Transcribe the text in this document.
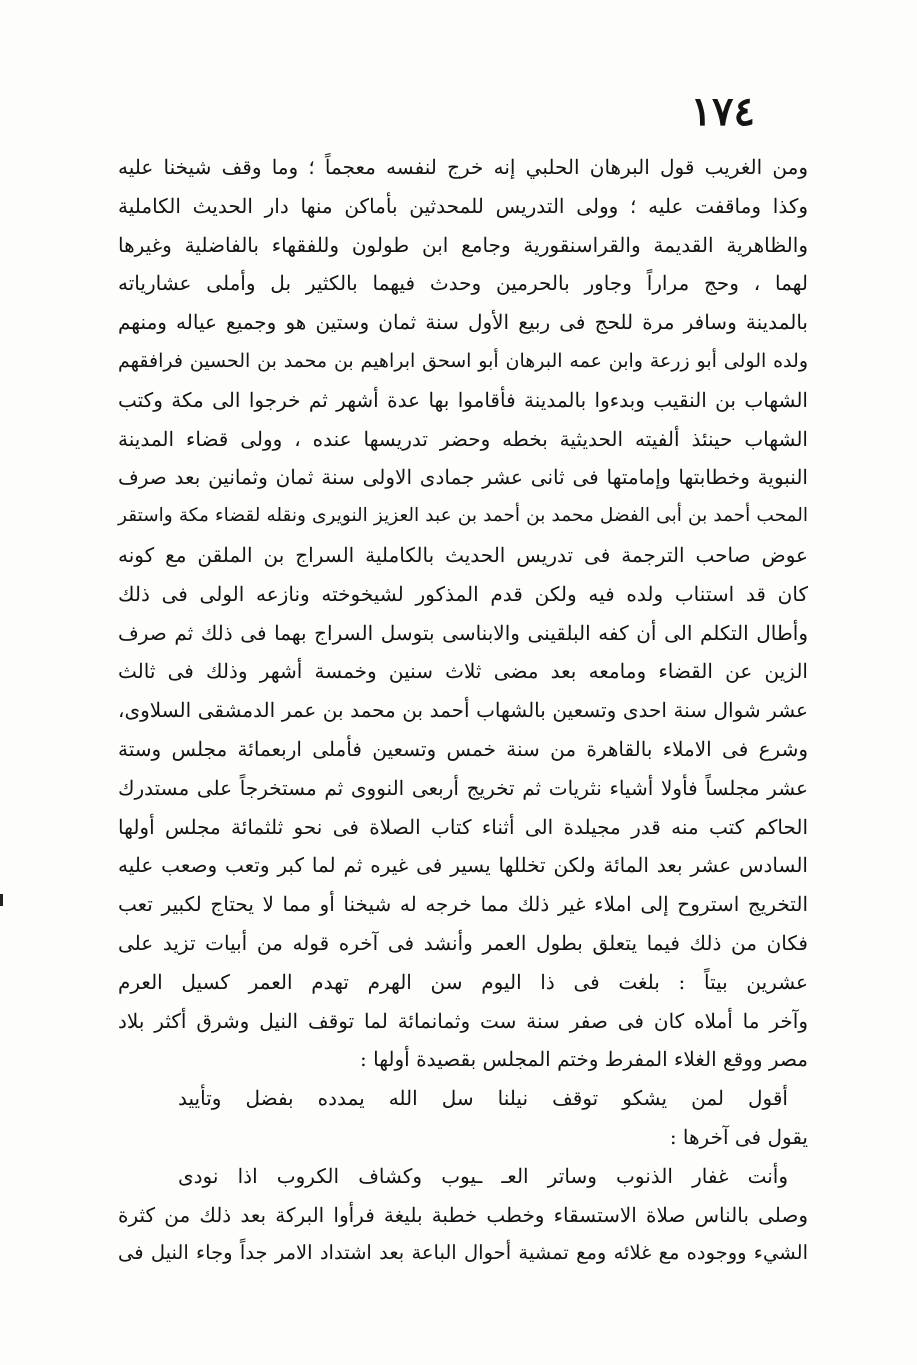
١٧٤
ومن الغريب قول البرهان الحلبي إنه خرج لنفسه معجماً ؛ وما وقف شيخنا عليه
وكذا وماقفت عليه ؛ وولى التدريس للمحدثين بأماكن منها دار الحديث الكاملية
والظاهرية القديمة والقراسنقورية وجامع ابن طولون وللفقهاء بالفاضلية وغيرها
لهما ، وحج مراراً وجاور بالحرمين وحدث فيهما بالكثير بل وأملى عشارياته
بالمدينة وسافر مرة للحج فى ربيع الأول سنة ثمان وستين هو وجميع عياله ومنهم
ولده الولى أبو زرعة وابن عمه البرهان أبو اسحق ابراهيم بن محمد بن الحسين فرافقهم
الشهاب بن النقيب وبدءوا بالمدينة فأقاموا بها عدة أشهر ثم خرجوا الى مكة وكتب
الشهاب حينئذ ألفيته الحديثية بخطه وحضر تدريسها عنده ، وولى قضاء المدينة
النبوية وخطابتها وإمامتها فى ثانى عشر جمادى الاولى سنة ثمان وثمانين بعد صرف
المحب أحمد بن أبى الفضل محمد بن أحمد بن عبد العزيز النويرى ونقله لقضاء مكة واستقر
عوض صاحب الترجمة فى تدريس الحديث بالكاملية السراج بن الملقن مع كونه
كان قد استناب ولده فيه ولكن قدم المذكور لشيخوخته ونازعه الولى فى ذلك
وأطال التكلم الى أن كفه البلقينى والابناسى بتوسل السراج بهما فى ذلك ثم صرف
الزين عن القضاء ومامعه بعد مضى ثلاث سنين وخمسة أشهر وذلك فى ثالث
عشر شوال سنة احدى وتسعين بالشهاب أحمد بن محمد بن عمر الدمشقى السلاوى،
وشرع فى الاملاء بالقاهرة من سنة خمس وتسعين فأملى اربعمائة مجلس وستة
عشر مجلساً فأولا أشياء نثريات ثم تخريج أربعى النووى ثم مستخرجاً على مستدرك
الحاكم كتب منه قدر مجيلدة الى أثناء كتاب الصلاة فى نحو ثلثمائة مجلس أولها
السادس عشر بعد المائة ولكن تخللها يسير فى غيره ثم لما كبر وتعب وصعب عليه
التخريج استروح إلى املاء غير ذلك مما خرجه له شيخنا أو مما لا يحتاج لكبير تعب
فكان من ذلك فيما يتعلق بطول العمر وأنشد فى آخره قوله من أبيات تزيد على
عشرين بيتاً : بلغت فى ذا اليوم سن الهرم تهدم العمر كسيل العرم
وآخر ما أملاه كان فى صفر سنة ست وثمانمائة لما توقف النيل وشرق أكثر بلاد
مصر ووقع الغلاء المفرط وختم المجلس بقصيدة أولها :
أقول لمن يشكو توقف نيلنا سل الله يمدده بفضل وتأييد
يقول فى آخرها :
وأنت غفار الذنوب وساتر العـ ـيوب وكشاف الكروب اذا نودى
وصلى بالناس صلاة الاستسقاء وخطب خطبة بليغة فرأوا البركة بعد ذلك من كثرة
الشيء ووجوده مع غلائه ومع تمشية أحوال الباعة بعد اشتداد الامر جداً وجاء النيل فى
